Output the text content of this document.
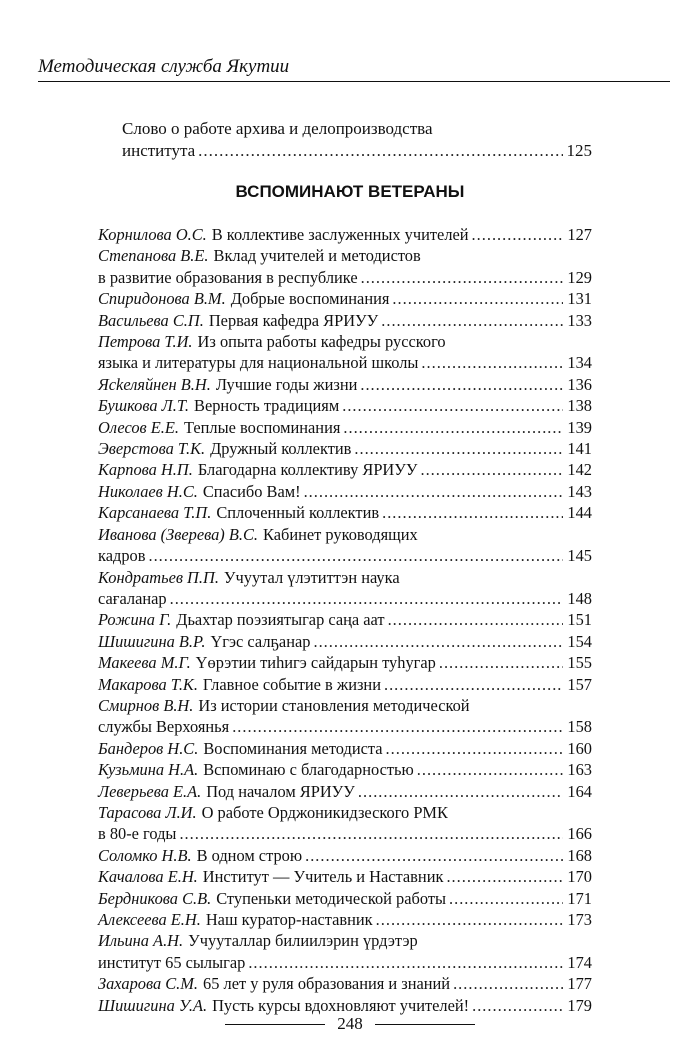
Методическая служба Якутии
Слово о работе архива и делопроизводства
института .....	125
ВСПОМИНАЮТ ВЕТЕРАНЫ
Корнилова О.С. В коллективе заслуженных учителей .....	127
Степанова В.Е. Вклад учителей и методистов
в развитие образования в республике .....	129
Спиридонова В.М. Добрые воспоминания .....	131
Васильева С.П. Первая кафедра ЯРИУУ .....	133
Петрова Т.И. Из опыта работы кафедры русского
языка и литературы для национальной школы .....	134
Ясkеляйнен В.Н. Лучшие годы жизни .....	136
Бушкова Л.Т. Верность традициям .....	138
Олесов Е.Е. Теплые воспоминания .....	139
Эверстова Т.К. Дружный коллектив .....	141
Карпова Н.П. Благодарна коллективу ЯРИУУ .....	142
Николаев Н.С. Спасибо Вам! .....	143
Карсанаева Т.П. Сплоченный коллектив .....	144
Иванова (Зверева) В.С. Кабинет руководящих
кадров .....	145
Кондратьев П.П. Учуутал үлэтиттэн наука
сағаланар .....	148
Рожина Г. Дьахтар поэзиятыгар саңа аат .....	151
Шишигина В.Р. Үгэс салҕанар .....	154
Макеева М.Г. Үөрэтии тиһигэ сайдарын туһугар .....	155
Макарова Т.К. Главное событие в жизни .....	157
Смирнов В.Н. Из истории становления методической
службы Верхоянья .....	158
Бандеров Н.С. Воспоминания методиста .....	160
Кузьмина Н.А. Вспоминаю с благодарностью .....	163
Леверьева Е.А. Под началом ЯРИУУ .....	164
Тарасова Л.И. О работе Орджоникидзеского РМК
в 80-е годы .....	166
Соломко Н.В. В одном строю .....	168
Качалова Е.Н. Институт — Учитель и Наставник .....	170
Бердникова С.В. Ступеньки методической работы .....	171
Алексеева Е.Н. Наш куратор-наставник .....	173
Ильина А.Н. Учууталлар билиилэрин үрдэтэр
институт 65 сылыгар .....	174
Захарова С.М. 65 лет у руля образования и знаний .....	177
Шишигина У.А. Пусть курсы вдохновляют учителей! .....	179
248
